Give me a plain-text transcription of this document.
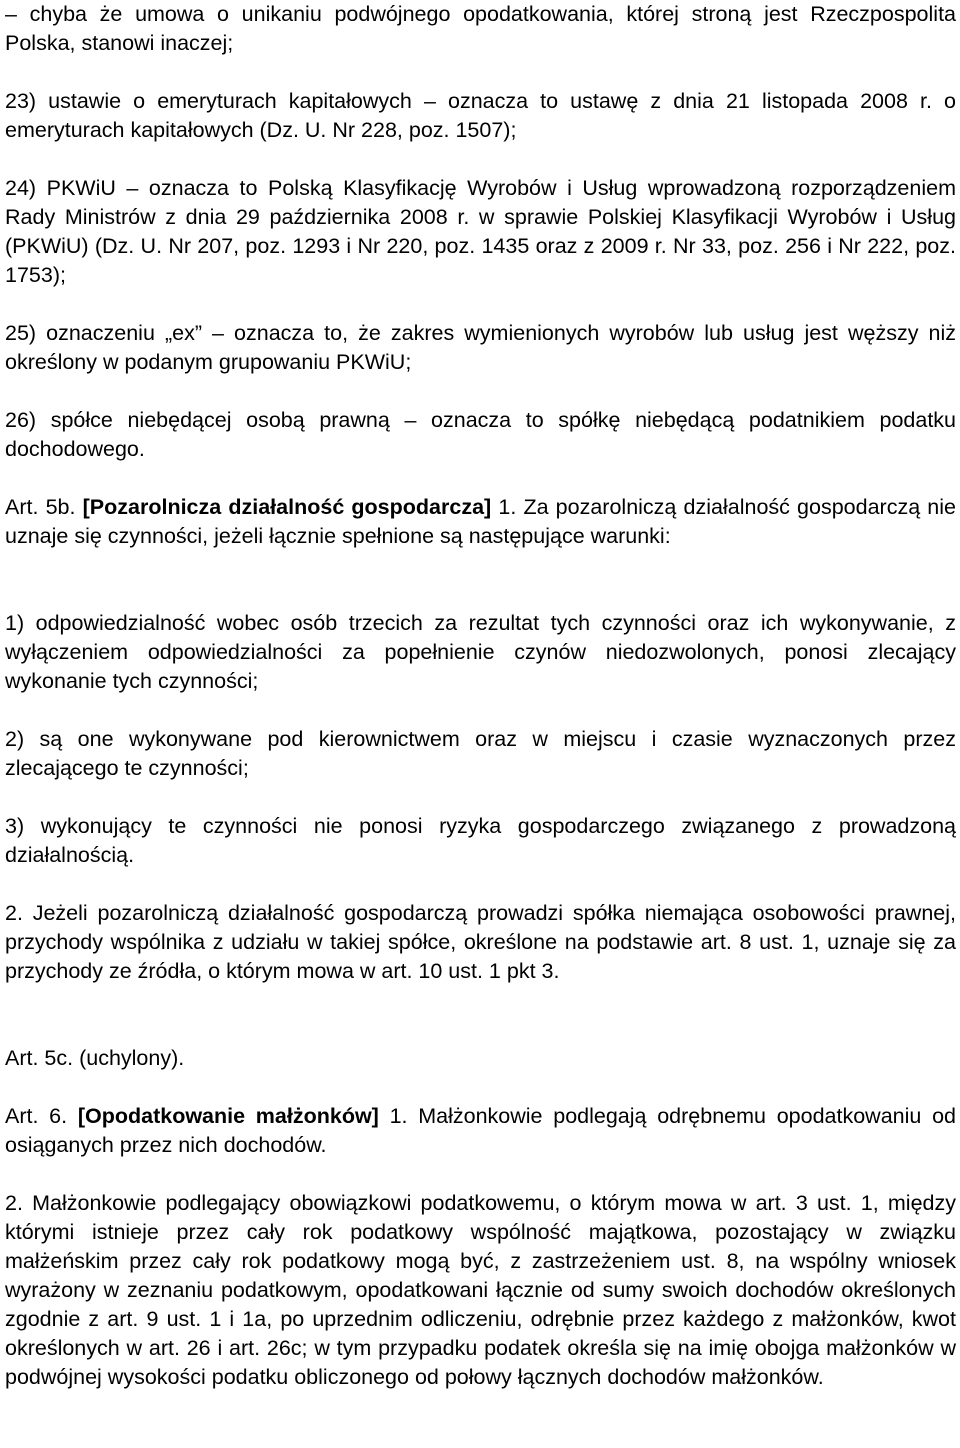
– chyba że umowa o unikaniu podwójnego opodatkowania, której stroną jest Rzeczpospolita Polska, stanowi inaczej;

23) ustawie o emeryturach kapitałowych – oznacza to ustawę z dnia 21 listopada 2008 r. o emeryturach kapitałowych (Dz. U. Nr 228, poz. 1507);

24) PKWiU – oznacza to Polską Klasyfikację Wyrobów i Usług wprowadzoną rozporządzeniem Rady Ministrów z dnia 29 października 2008 r. w sprawie Polskiej Klasyfikacji Wyrobów i Usług (PKWiU) (Dz. U. Nr 207, poz. 1293 i Nr 220, poz. 1435 oraz z 2009 r. Nr 33, poz. 256 i Nr 222, poz. 1753);

25) oznaczeniu „ex” – oznacza to, że zakres wymienionych wyrobów lub usług jest węższy niż określony w podanym grupowaniu PKWiU;

26) spółce niebędącej osobą prawną – oznacza to spółkę niebędącą podatnikiem podatku dochodowego.

Art. 5b. [Pozarolnicza działalność gospodarcza] 1. Za pozarolniczą działalność gospodarczą nie uznaje się czynności, jeżeli łącznie spełnione są następujące warunki:

1) odpowiedzialność wobec osób trzecich za rezultat tych czynności oraz ich wykonywanie, z wyłączeniem odpowiedzialności za popełnienie czynów niedozwolonych, ponosi zlecający wykonanie tych czynności;

2) są one wykonywane pod kierownictwem oraz w miejscu i czasie wyznaczonych przez zlecającego te czynności;

3) wykonujący te czynności nie ponosi ryzyka gospodarczego związanego z prowadzoną działalnością.

2. Jeżeli pozarolniczą działalność gospodarczą prowadzi spółka niemająca osobowości prawnej, przychody wspólnika z udziału w takiej spółce, określone na podstawie art. 8 ust. 1, uznaje się za przychody ze źródła, o którym mowa w art. 10 ust. 1 pkt 3.

Art. 5c. (uchylony).

Art. 6. [Opodatkowanie małżonków] 1. Małżonkowie podlegają odrębnemu opodatkowaniu od osiąganych przez nich dochodów.

2. Małżonkowie podlegający obowiązkowi podatkowemu, o którym mowa w art. 3 ust. 1, między którymi istnieje przez cały rok podatkowy wspólność majątkowa, pozostający w związku małżeńskim przez cały rok podatkowy mogą być, z zastrzeżeniem ust. 8, na wspólny wniosek wyrażony w zeznaniu podatkowym, opodatkowani łącznie od sumy swoich dochodów określonych zgodnie z art. 9 ust. 1 i 1a, po uprzednim odliczeniu, odrębnie przez każdego z małżonków, kwot określonych w art. 26 i art. 26c; w tym przypadku podatek określa się na imię obojga małżonków w podwójnej wysokości podatku obliczonego od połowy łącznych dochodów małżonków.
